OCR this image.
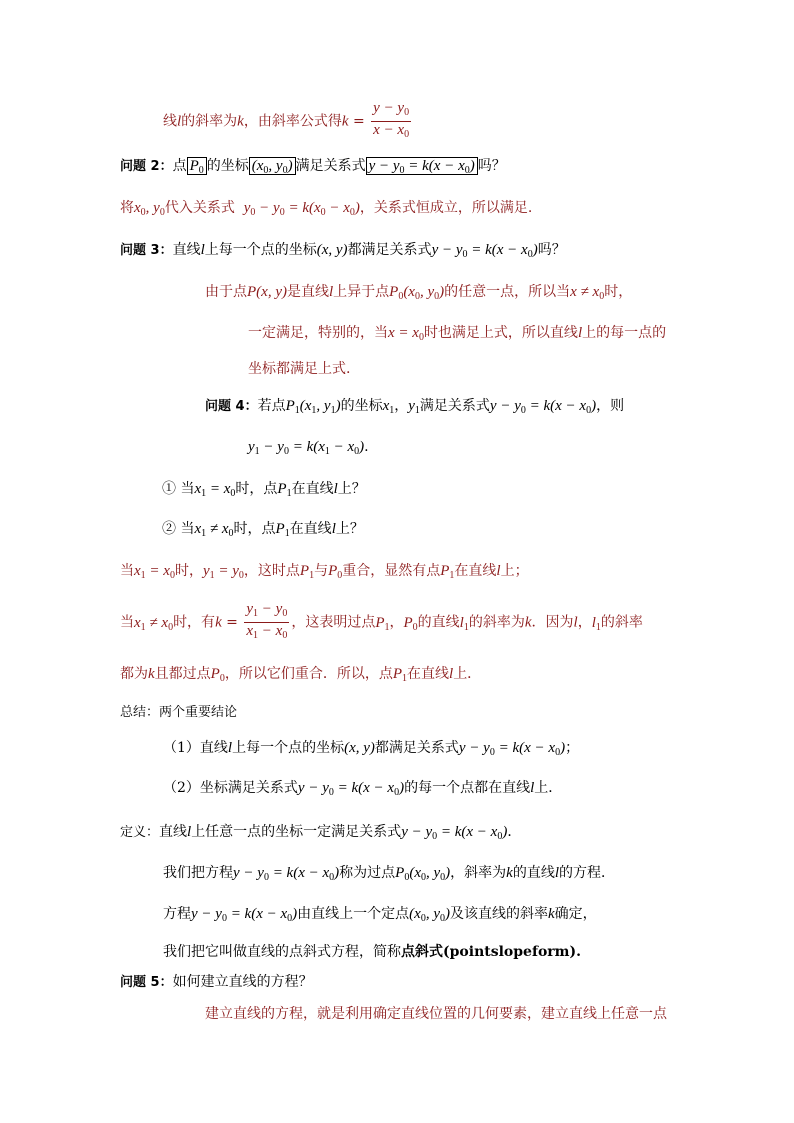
线l的斜率为k，由斜率公式得$k = \frac{y - y_0}{x - x_0}$
问题 2：点 $P_0$ 的坐标 ($x_0$, $y_0$) 满足关系式 $y - y_0 = k(x - x_0)$ 吗？
将$x_0$, $y_0$代入关系式 $y_0 - y_0 = k(x_0 - x_0)$，关系式恒成立，所以满足.
问题 3：直线l上每一个点的坐标(x, y)都满足关系式$y - y_0 = k(x - x_0)$吗？
由于点P(x, y)是直线l上异于点$P_0(x_0$, $y_0$)的任意一点，所以当$x \ne x_0$时，
一定满足，特别的，当$x = x_0$时也满足上式，所以直线l上的每一点的
坐标都满足上式.
问题 4：若点$P_1(x_1$, $y_1$)的坐标$x_1$，$y_1$满足关系式$y - y_0 = k(x - x_0)$，则
$y_1 - y_0 = k(x_1 - x_0)$.
① 当$x_1 = x_0$时，点$P_1$在直线l上？
② 当$x_1 \ne x_0$时，点$P_1$在直线l上？
当$x_1 = x_0$时，$y_1 = y_0$，这时点$P_1$与$P_0$重合，显然有点$P_1$在直线l上；
当$x_1 \ne x_0$时，有$k = \frac{y_1 - y_0}{x_1 - x_0}$ ，这表明过点$P_1$，$P_0$的直线$l_1$的斜率为k．因为l，$l_1$的斜率
都为k且都过点$P_0$，所以它们重合．所以，点$P_1$在直线l上．
总结：两个重要结论
（1）直线l上每一个点的坐标(x, y)都满足关系式$y - y_0 = k(x - x_0)$；
（2）坐标满足关系式$y - y_0 = k(x - x_0)$的每一个点都在直线l上．
定义：直线l上任意一点的坐标一定满足关系式$y - y_0 = k(x - x_0)$．
我们把方程$y - y_0 = k(x - x_0)$称为过点$P_0(x_0$, $y_0$)，斜率为k的直线l的方程．
方程$y - y_0 = k(x - x_0)$由直线上一个定点($x_0$, $y_0$)及该直线的斜率k确定，
我们把它叫做直线的点斜式方程，简称点斜式(pointslopeform).
问题 5：如何建立直线的方程？
建立直线的方程，就是利用确定直线位置的几何要素，建立直线上任意一点
